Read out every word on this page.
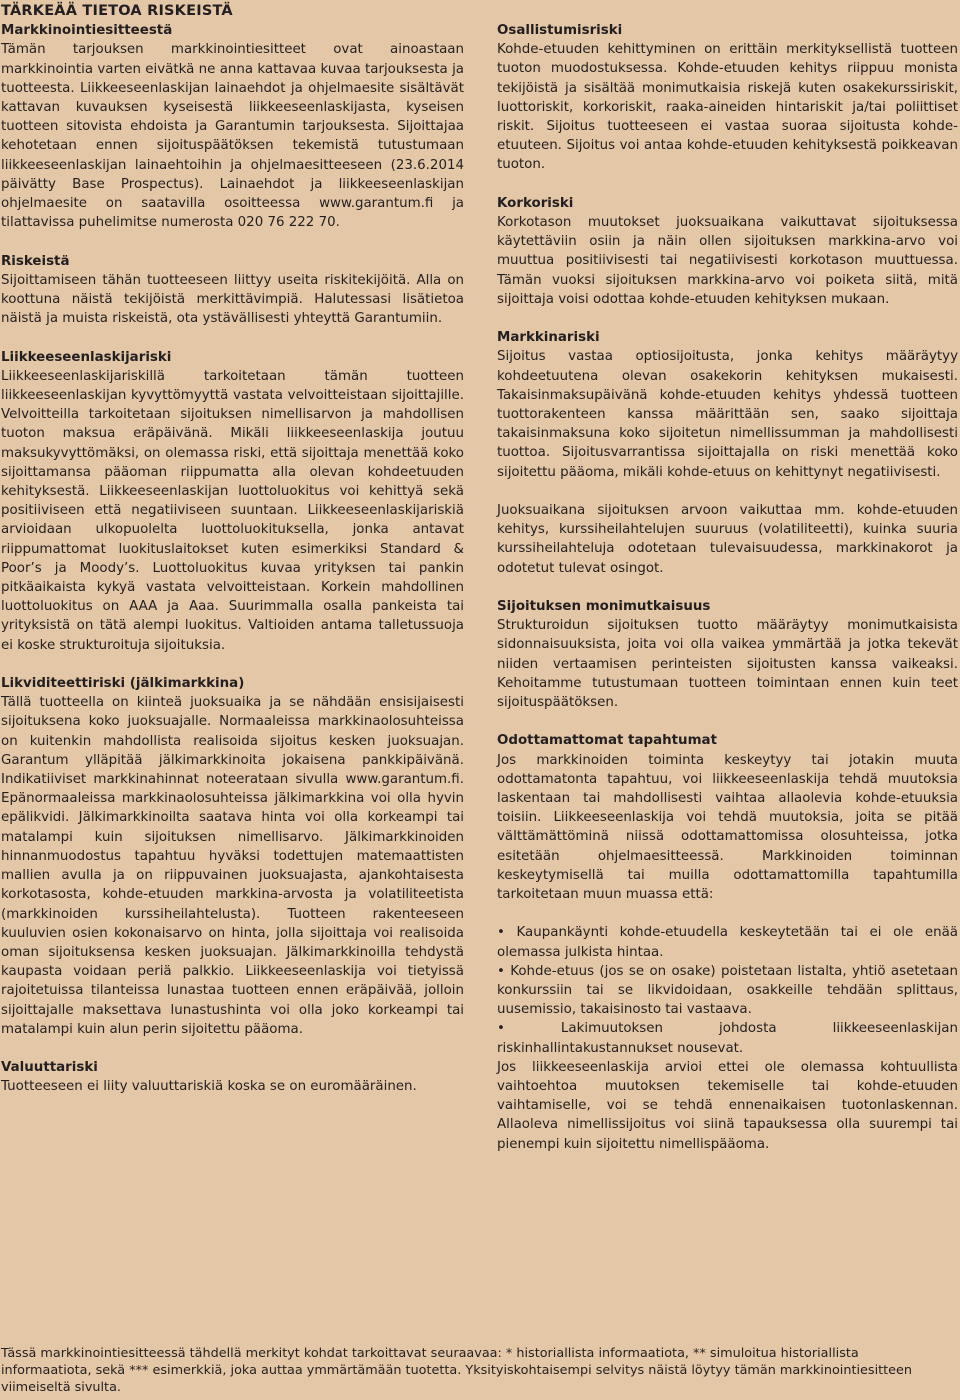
TÄRKEÄÄ TIETOA RISKEISTÄ
Markkinointiesitteestä

Tämän tarjouksen markkinointiesitteet ovat ainoastaan markkinointia varten eivätkä ne anna kattavaa kuvaa tarjouksesta ja tuotteesta. Liikkeeseenlaskijan lainaehdot ja ohjelmaesite sisältävät kattavan kuvauksen kyseisestä liikkeeseenlaskijasta, kyseisen tuotteen sitovista ehdoista ja Garantumin tarjouksesta. Sijoittajaa kehotetaan ennen sijoituspäätöksen tekemistä tutustumaan liikkeeseenlaskijan lainaehtoihin ja ohjelmaesitteeseen (23.6.2014 päivätty Base Prospectus). Lainaehdot ja liikkeeseenlaskijan ohjelmaesite on saatavilla osoitteessa www.garantum.fi ja tilattavissa puhelimitse numerosta 020 76 222 70.

Riskeistä

Sijoittamiseen tähän tuotteeseen liittyy useita riskitekijöitä. Alla on koottuna näistä tekijöistä merkittävimpiä. Halutessasi lisätietoa näistä ja muista riskeistä, ota ystävällisesti yhteyttä Garantumiin.

Liikkeeseenlaskijariski

Liikkeeseenlaskijariskillä tarkoitetaan tämän tuotteen liikkeeseenlaskijan kyvyttömyyttä vastata velvoitteistaan sijoittajille. Velvoitteilla tarkoitetaan sijoituksen nimellisarvon ja mahdollisen tuoton maksua eräpäivänä. Mikäli liikkeeseenlaskija joutuu maksukyvyttömäksi, on olemassa riski, että sijoittaja menettää koko sijoittamansa pääoman riippumatta alla olevan kohdeetuuden kehityksestä. Liikkeeseenlaskijan luottoluokitus voi kehittyä sekä positiiviseen että negatiiviseen suuntaan. Liikkeeseenlaskijariskiä arvioidaan ulkopuolelta luottoluokituksella, jonka antavat riippumattomat luokituslaitokset kuten esimerkiksi Standard & Poor’s ja Moody’s. Luottoluokitus kuvaa yrityksen tai pankin pitkäaikaista kykyä vastata velvoitteistaan. Korkein mahdollinen luottoluokitus on AAA ja Aaa. Suurimmalla osalla pankeista tai yrityksistä on tätä alempi luokitus. Valtioiden antama talletussuoja ei koske strukturoituja sijoituksia.

Likviditeettiriski (jälkimarkkina)

Tällä tuotteella on kiinteä juoksuaika ja se nähdään ensisijaisesti sijoituksena koko juoksuajalle. Normaaleissa markkinaolosuhteissa on kuitenkin mahdollista realisoida sijoitus kesken juoksuajan. Garantum ylläpitää jälkimarkkinoita jokaisena pankkipäivänä. Indikatiiviset markkinahinnat noteerataan sivulla www.garantum.fi. Epänormaaleissa markkinaolosuhteissa jälkimarkkina voi olla hyvin epälikvidi. Jälkimarkkinoilta saatava hinta voi olla korkeampi tai matalampi kuin sijoituksen nimellisarvo. Jälkimarkkinoiden hinnanmuodostus tapahtuu hyväksi todettujen matemaattisten mallien avulla ja on riippuvainen juoksuajasta, ajankohtaisesta korkotasosta, kohde-etuuden markkina-arvosta ja volatiliteetista (markkinoiden kurssiheilahtelusta). Tuotteen rakenteeseen kuuluvien osien kokonaisarvo on hinta, jolla sijoittaja voi realisoida oman sijoituksensa kesken juoksuajan. Jälkimarkkinoilla tehdystä kaupasta voidaan periä palkkio. Liikkeeseenlaskija voi tietyissä rajoitetuissa tilanteissa lunastaa tuotteen ennen eräpäivää, jolloin sijoittajalle maksettava lunastushinta voi olla joko korkeampi tai matalampi kuin alun perin sijoitettu pääoma.

Valuuttariski

Tuotteeseen ei liity valuuttariskiä koska se on euromääräinen.

Osallistumisriski

Kohde-etuuden kehittyminen on erittäin merkityksellistä tuotteen tuoton muodostuksessa. Kohde-etuuden kehitys riippuu monista tekijöistä ja sisältää monimutkaisia riskejä kuten osakekurssiriskit, luottoriskit, korkoriskit, raaka-aineiden hintariskit ja/tai poliittiset riskit. Sijoitus tuotteeseen ei vastaa suoraa sijoitusta kohde-etuuteen. Sijoitus voi antaa kohde-etuuden kehityksestä poikkeavan tuoton.

Korkoriski

Korkotason muutokset juoksuaikana vaikuttavat sijoituksessa käytettäviin osiin ja näin ollen sijoituksen markkina-arvo voi muuttua positiivisesti tai negatiivisesti korkotason muuttuessa. Tämän vuoksi sijoituksen markkina-arvo voi poiketa siitä, mitä sijoittaja voisi odottaa kohde-etuuden kehityksen mukaan.

Markkinariski

Sijoitus vastaa optiosijoitusta, jonka kehitys määräytyy kohdeetuutena olevan osakekorin kehityksen mukaisesti. Takaisinmaksupäivänä kohde-etuuden kehitys yhdessä tuotteen tuottorakenteen kanssa määrittään sen, saako sijoittaja takaisinmaksuna koko sijoitetun nimellissumman ja mahdollisesti tuottoa. Sijoitusvarrantissa sijoittajalla on riski menettää koko sijoitettu pääoma, mikäli kohde-etuus on kehittynyt negatiivisesti.

Juoksuaikana sijoituksen arvoon vaikuttaa mm. kohde-etuuden kehitys, kurssiheilahtelujen suuruus (volatiliteetti), kuinka suuria kurssiheilahteluja odotetaan tulevaisuudessa, markkinakorot ja odotetut tulevat osingot.

Sijoituksen monimutkaisuus

Strukturoidun sijoituksen tuotto määräytyy monimutkaisista sidonnaisuuksista, joita voi olla vaikea ymmärtää ja jotka tekevät niiden vertaamisen perinteisten sijoitusten kanssa vaikeaksi. Kehoitamme tutustumaan tuotteen toimintaan ennen kuin teet sijoituspäätöksen.

Odottamattomat tapahtumat

Jos markkinoiden toiminta keskeytyy tai jotakin muuta odottamatonta tapahtuu, voi liikkeeseenlaskija tehdä muutoksia laskentaan tai mahdollisesti vaihtaa allaolevia kohde-etuuksia toisiin. Liikkeeseenlaskija voi tehdä muutoksia, joita se pitää välttämättöminä niissä odottamattomissa olosuhteissa, jotka esitetään ohjelmaesitteessä. Markkinoiden toiminnan keskeytymisellä tai muilla odottamattomilla tapahtumilla tarkoitetaan muun muassa että:

• Kaupankäynti kohde-etuudella keskeytetään tai ei ole enää olemassa julkista hintaa.

• Kohde-etuus (jos se on osake) poistetaan listalta, yhtiö asetetaan konkurssiin tai se likvidoidaan, osakkeille tehdään splittaus, uusemissio, takaisinosto tai vastaava.

• Lakimuutoksen johdosta liikkeeseenlaskijan riskinhallintakustannukset nousevat.

Jos liikkeeseenlaskija arvioi ettei ole olemassa kohtuullista vaihtoehtoa muutoksen tekemiselle tai kohde-etuuden vaihtamiselle, voi se tehdä ennenaikaisen tuotonlaskennan. Allaoleva nimellissijoitus voi siinä tapauksessa olla suurempi tai pienempi kuin sijoitettu nimellispääoma.

Tässä markkinointiesitteessä tähdellä merkityt kohdat tarkoittavat seuraavaa: * historiallista informaatiota, ** simuloitua historiallista informaatiota, sekä *** esimerkkiä, joka auttaa ymmärtämään tuotetta. Yksityiskohtaisempi selvitys näistä löytyy tämän markkinointiesitteen viimeiseltä sivulta.
